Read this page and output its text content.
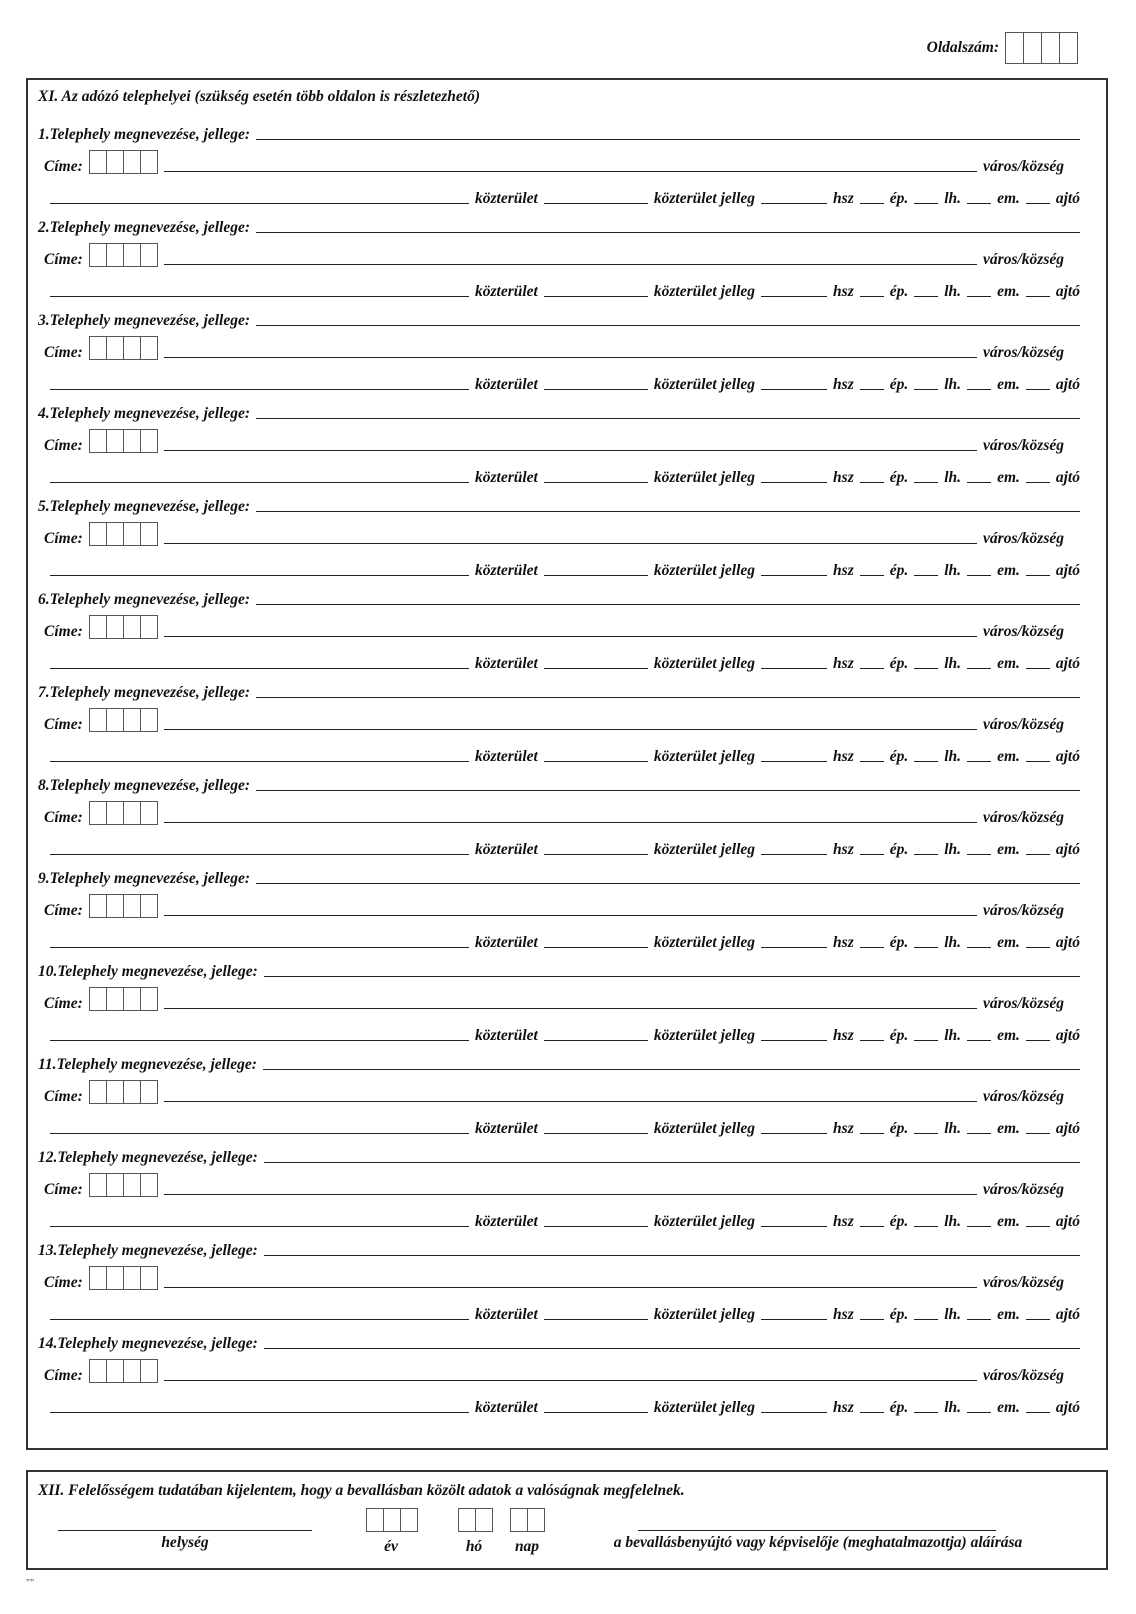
Oldalszám:
XI. Az adózó telephelyei (szükség esetén több oldalon is részletezhető)
1. Telephely megnevezése, jellege:
Címe:	város/község
közterület	közterület jelleg	hsz ép. lh. em. ajtó
2. Telephely megnevezése, jellege:
Címe:	város/község
közterület	közterület jelleg	hsz ép. lh. em. ajtó
3. Telephely megnevezése, jellege:
Címe:	város/község
közterület	közterület jelleg	hsz ép. lh. em. ajtó
4. Telephely megnevezése, jellege:
Címe:	város/község
közterület	közterület jelleg	hsz ép. lh. em. ajtó
5. Telephely megnevezése, jellege:
Címe:	város/község
közterület	közterület jelleg	hsz ép. lh. em. ajtó
6. Telephely megnevezése, jellege:
Címe:	város/község
közterület	közterület jelleg	hsz ép. lh. em. ajtó
7. Telephely megnevezése, jellege:
Címe:	város/község
közterület	közterület jelleg	hsz ép. lh. em. ajtó
8. Telephely megnevezése, jellege:
Címe:	város/község
közterület	közterület jelleg	hsz ép. lh. em. ajtó
9. Telephely megnevezése, jellege:
Címe:	város/község
közterület	közterület jelleg	hsz ép. lh. em. ajtó
10. Telephely megnevezése, jellege:
Címe:	város/község
közterület	közterület jelleg	hsz ép. lh. em. ajtó
11. Telephely megnevezése, jellege:
Címe:	város/község
közterület	közterület jelleg	hsz ép. lh. em. ajtó
12. Telephely megnevezése, jellege:
Címe:	város/község
közterület	közterület jelleg	hsz ép. lh. em. ajtó
13. Telephely megnevezése, jellege:
Címe:	város/község
közterület	közterület jelleg	hsz ép. lh. em. ajtó
14. Telephely megnevezése, jellege:
Címe:	város/község
közterület	közterület jelleg	hsz ép. lh. em. ajtó
XII. Felelősségem tudatában kijelentem, hogy a bevallásban közölt adatok a valóságnak megfelelnek.
helység	év	hó	nap	a bevallásbenyújtó vagy képviselője (meghatalmazottja) aláírása
""
